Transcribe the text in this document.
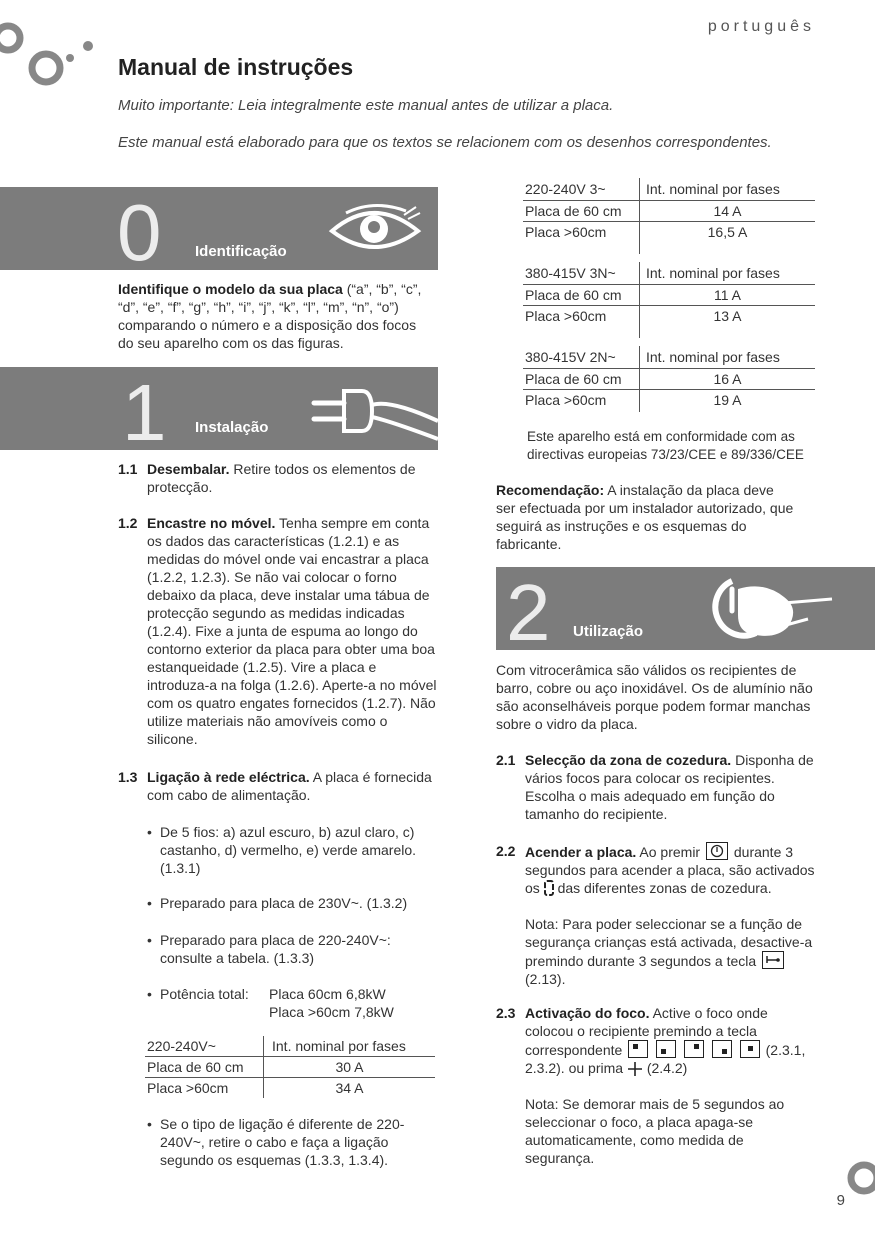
português
Manual de instruções
Muito importante: Leia integralmente este manual antes de utilizar a placa.
Este manual está elaborado para que os textos se relacionem com os desenhos correspondentes.
0 Identificação
Identifique o modelo da sua placa (“a”, “b”, “c”, “d”, “e”, “f”, “g”, “h”, “i”, “j”, “k”, “l”, “m”, “n”, “o”) comparando o número e a disposição dos focos do seu aparelho com os das figuras.
1 Instalação
1.1 Desembalar. Retire todos os elementos de protecção.
1.2 Encastre no móvel. Tenha sempre em conta os dados das características (1.2.1) e as medidas do móvel onde vai encastrar a placa (1.2.2, 1.2.3). Se não vai colocar o forno debaixo da placa, deve instalar uma tábua de protecção segundo as medidas indicadas (1.2.4). Fixe a junta de espuma ao longo do contorno exterior da placa para obter uma boa estanqueidade (1.2.5). Vire a placa e introduza-a na folga (1.2.6). Aperte-a no móvel com os quatro engates fornecidos (1.2.7). Não utilize materiais não amovíveis como o silicone.
1.3 Ligação à rede eléctrica. A placa é fornecida com cabo de alimentação.
• De 5 fios: a) azul escuro, b) azul claro, c) castanho, d) vermelho, e) verde amarelo. (1.3.1)
• Preparado para placa de 230V~. (1.3.2)
• Preparado para placa de 220-240V~: consulte a tabela. (1.3.3)
• Potência total: Placa 60cm 6,8kW
Placa >60cm 7,8kW
220-240V~	Int. nominal por fases
Placa de 60 cm	30 A
Placa >60cm	34 A
• Se o tipo de ligação é diferente de 220-240V~, retire o cabo e faça a ligação segundo os esquemas (1.3.3, 1.3.4).
220-240V 3~	Int. nominal por fases
Placa de 60 cm	14 A
Placa >60cm	16,5 A
380-415V 3N~	Int. nominal por fases
Placa de 60 cm	11 A
Placa >60cm	13 A
380-415V 2N~	Int. nominal por fases
Placa de 60 cm	16 A
Placa >60cm	19 A
Este aparelho está em conformidade com as directivas europeias 73/23/CEE e 89/336/CEE
Recomendação: A instalação da placa deve ser efectuada por um instalador autorizado, que seguirá as instruções e os esquemas do fabricante.
2 Utilização
Com vitrocerâmica são válidos os recipientes de barro, cobre ou aço inoxidável. Os de alumínio não são aconselháveis porque podem formar manchas sobre o vidro da placa.
2.1 Selecção da zona de cozedura. Disponha de vários focos para colocar os recipientes. Escolha o mais adequado em função do tamanho do recipiente.
2.2 Acender a placa. Ao premir durante 3 segundos para acender a placa, são activados os das diferentes zonas de cozedura.
Nota: Para poder seleccionar se a função de segurança crianças está activada, desactive-a premindo durante 3 segundos a tecla
(2.13).
2.3 Activação do foco. Active o foco onde colocou o recipiente premindo a tecla correspondente

	(2.3.1, 2.3.2). ou prima (2.4.2)
Nota: Se demorar mais de 5 segundos ao seleccionar o foco, a placa apaga-se automaticamente, como medida de segurança.
9
